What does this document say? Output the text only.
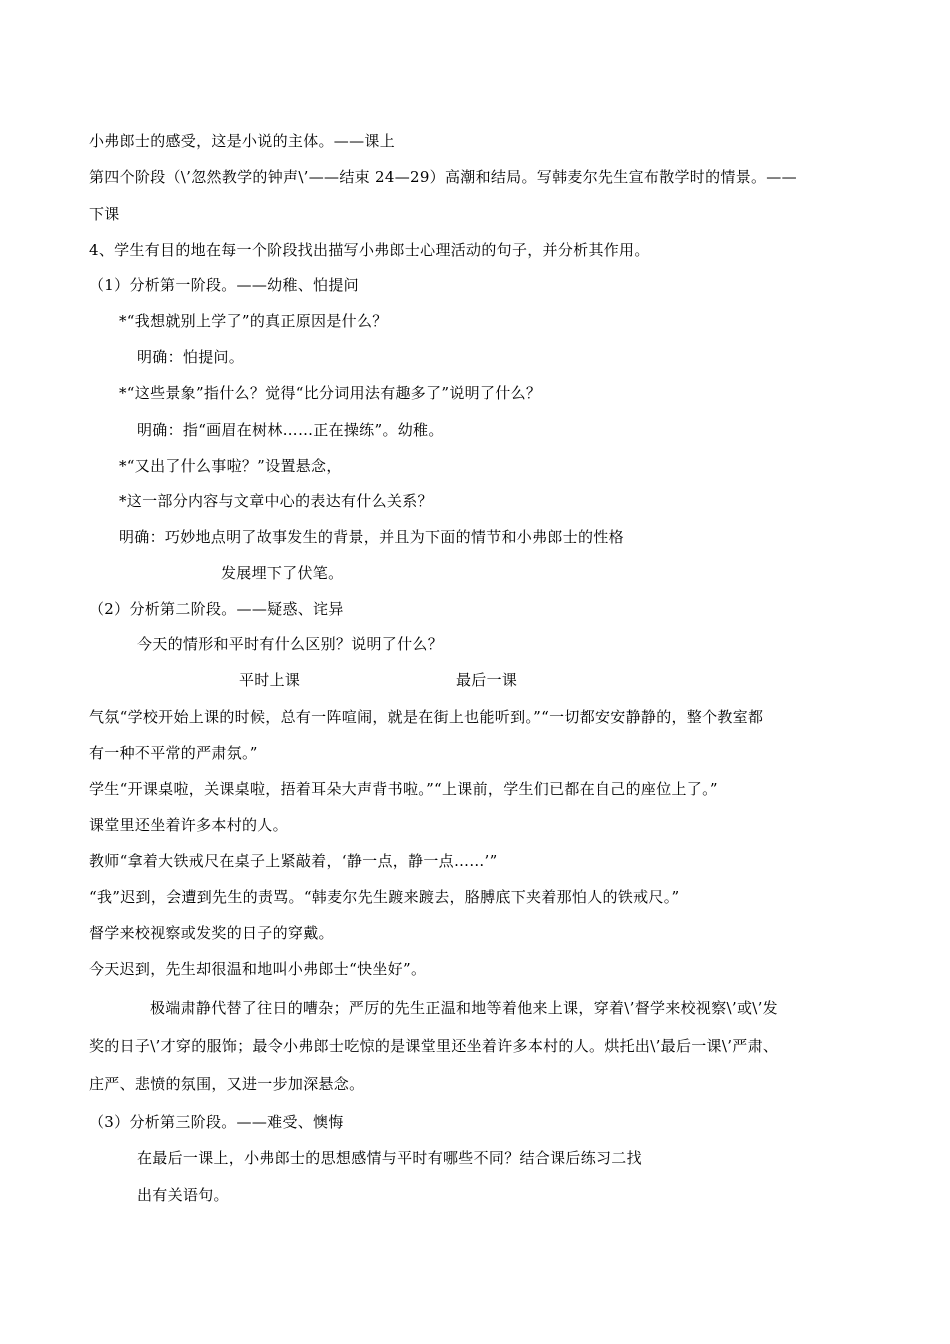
小弗郎士的感受，这是小说的主体。——课上
第四个阶段（\’忽然教学的钟声\’——结束 24—29）高潮和结局。写韩麦尔先生宣布散学时的情景。——
下课
4、学生有目的地在每一个阶段找出描写小弗郎士心理活动的句子，并分析其作用。
（1）分析第一阶段。——幼稚、怕提问
*“我想就别上学了”的真正原因是什么？
明确：怕提问。
*“这些景象”指什么？觉得“比分词用法有趣多了”说明了什么？
明确：指“画眉在树林……正在操练”。幼稚。
*“又出了什么事啦？”设置悬念，
*这一部分内容与文章中心的表达有什么关系？
明确：巧妙地点明了故事发生的背景，并且为下面的情节和小弗郎士的性格
发展埋下了伏笔。
（2）分析第二阶段。——疑惑、诧异
今天的情形和平时有什么区别？说明了什么？
平时上课	最后一课
气氛“学校开始上课的时候，总有一阵喧闹，就是在街上也能听到。”“一切都安安静静的，整个教室都
有一种不平常的严肃氛。”
学生“开课桌啦，关课桌啦，捂着耳朵大声背书啦。”“上课前，学生们已都在自己的座位上了。”
课堂里还坐着许多本村的人。
教师“拿着大铁戒尺在桌子上紧敲着，‘静一点，静一点……’”
“我”迟到，会遭到先生的责骂。“韩麦尔先生踱来踱去，胳膊底下夹着那怕人的铁戒尺。”
督学来校视察或发奖的日子的穿戴。
今天迟到，先生却很温和地叫小弗郎士“快坐好”。
极端肃静代替了往日的嘈杂；严厉的先生正温和地等着他来上课，穿着\’督学来校视察\’或\’发
奖的日子\’才穿的服饰；最令小弗郎士吃惊的是课堂里还坐着许多本村的人。烘托出\’最后一课\’严肃、
庄严、悲愤的氛围，又进一步加深悬念。
（3）分析第三阶段。——难受、懊悔
在最后一课上，小弗郎士的思想感情与平时有哪些不同？结合课后练习二找
出有关语句。
